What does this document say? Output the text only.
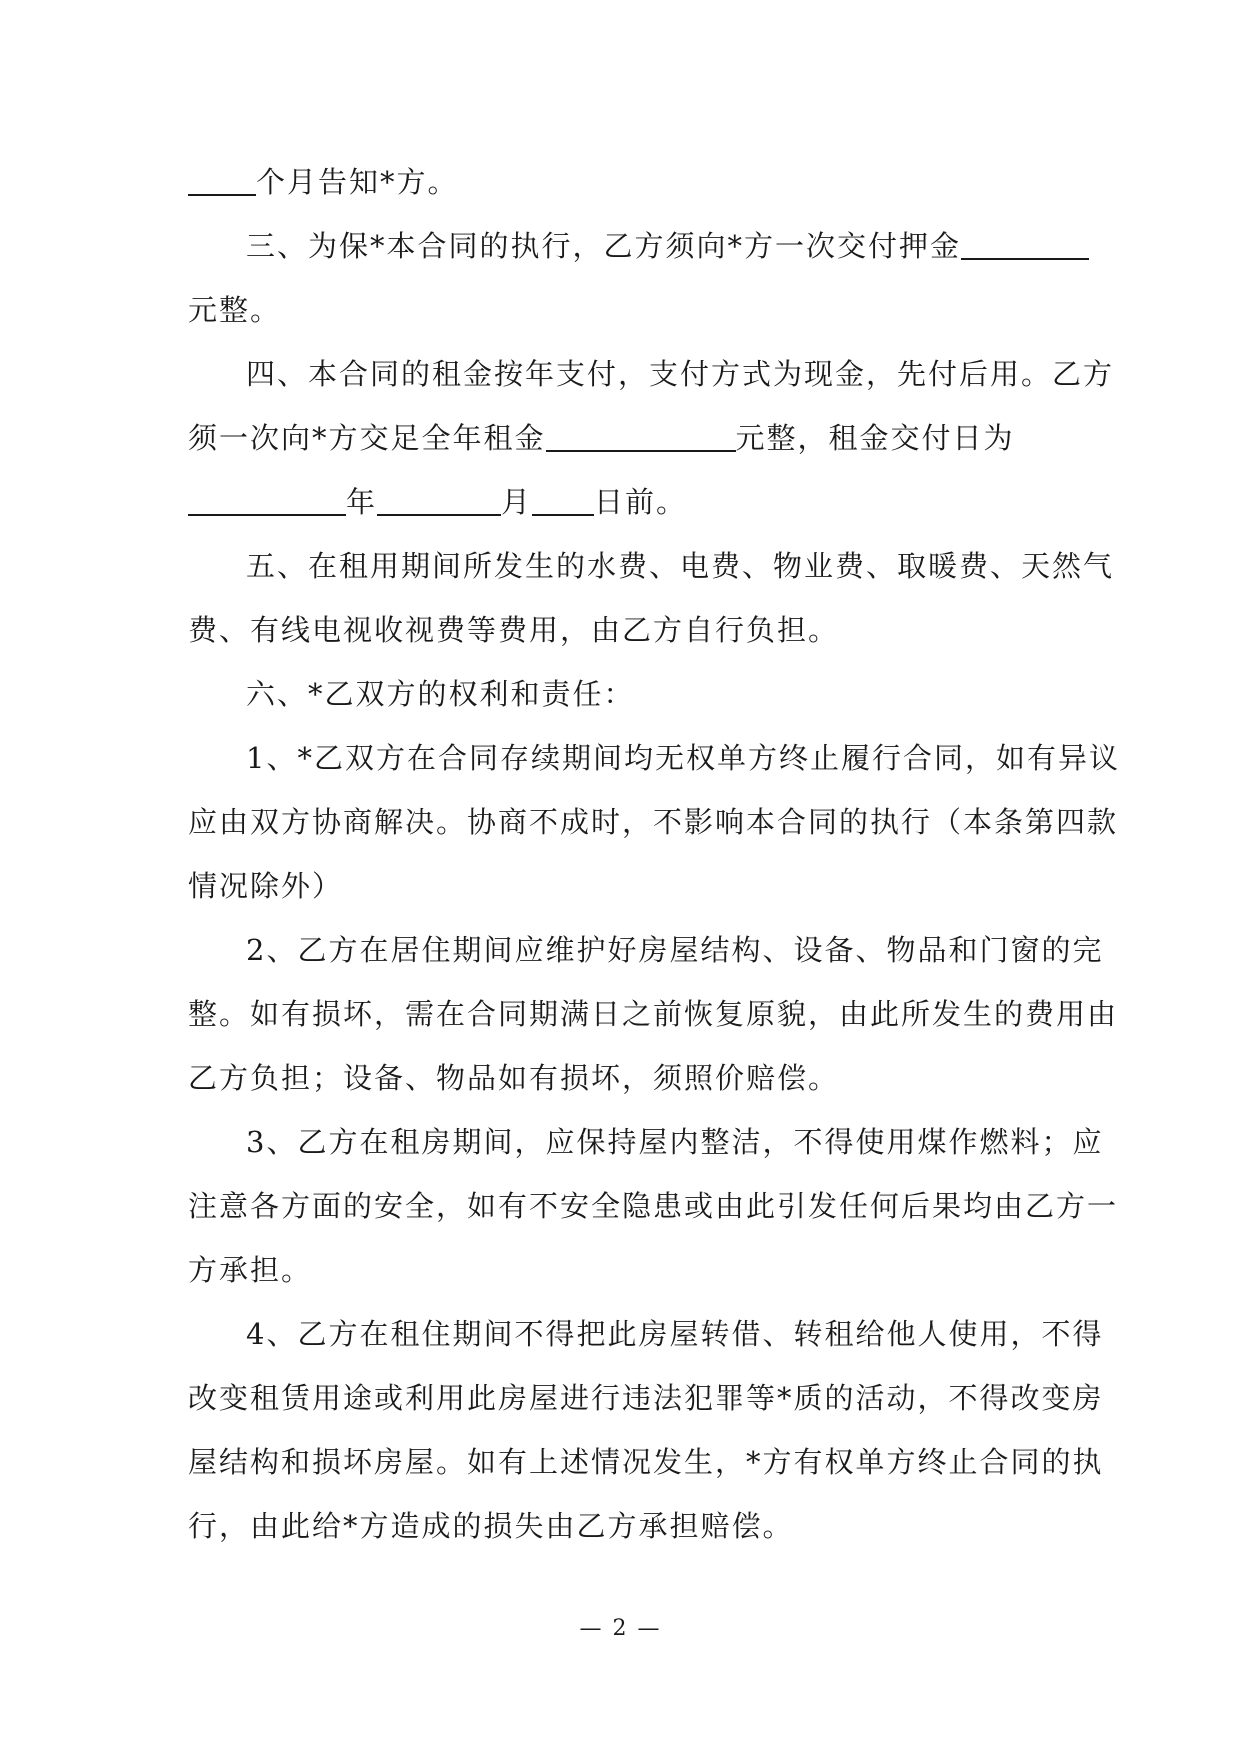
个月告知*方。
三、为保*本合同的执行，乙方须向*方一次交付押金
元整。
四、本合同的租金按年支付，支付方式为现金，先付后用。乙方
须一次向*方交足全年租金	元整，租金交付日为
年	月 日前。
五、在租用期间所发生的水费、电费、物业费、取暖费、天然气
费、有线电视收视费等费用，由乙方自行负担。
六、*乙双方的权利和责任：
1、*乙双方在合同存续期间均无权单方终止履行合同，如有异议
应由双方协商解决。协商不成时，不影响本合同的执行（本条第四款
情况除外）
2、乙方在居住期间应维护好房屋结构、设备、物品和门窗的完
整。如有损坏，需在合同期满日之前恢复原貌，由此所发生的费用由
乙方负担；设备、物品如有损坏，须照价赔偿。
3、乙方在租房期间，应保持屋内整洁，不得使用煤作燃料；应
注意各方面的安全，如有不安全隐患或由此引发任何后果均由乙方一
方承担。
4、乙方在租住期间不得把此房屋转借、转租给他人使用，不得
改变租赁用途或利用此房屋进行违法犯罪等*质的活动，不得改变房
屋结构和损坏房屋。如有上述情况发生，*方有权单方终止合同的执
行，由此给*方造成的损失由乙方承担赔偿。
— 2 —
